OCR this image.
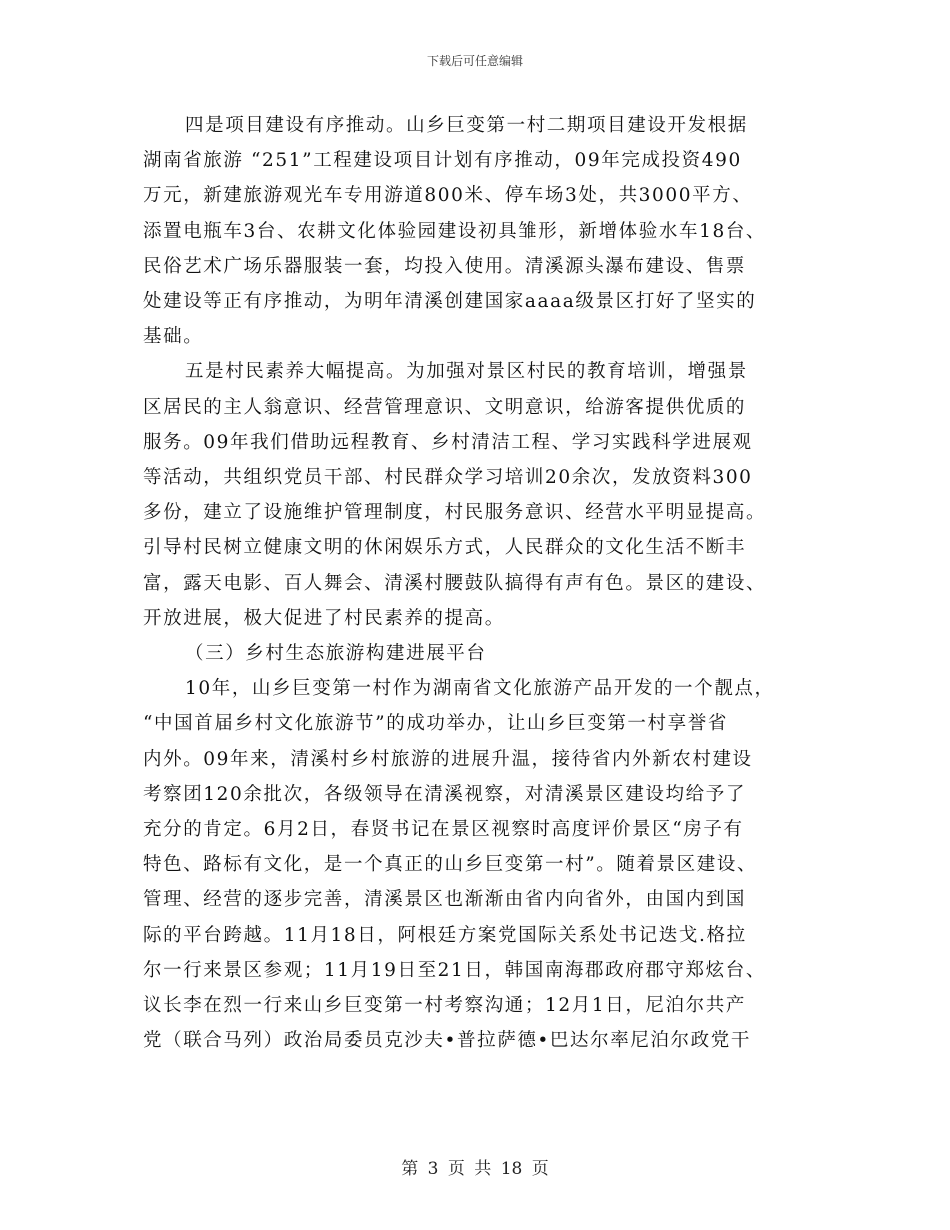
下载后可任意编辑

四是项目建设有序推动。山乡巨变第一村二期项目建设开发根据
湖南省旅游 “251”工程建设项目计划有序推动，09年完成投资490
万元，新建旅游观光车专用游道800米、停车场3处，共3000平方、
添置电瓶车3台、农耕文化体验园建设初具雏形，新增体验水车18台、
民俗艺术广场乐器服装一套，均投入使用。清溪源头瀑布建设、售票
处建设等正有序推动，为明年清溪创建国家aaaa级景区打好了坚实的
基础。

五是村民素养大幅提高。为加强对景区村民的教育培训，增强景
区居民的主人翁意识、经营管理意识、文明意识，给游客提供优质的
服务。09年我们借助远程教育、乡村清洁工程、学习实践科学进展观
等活动，共组织党员干部、村民群众学习培训20余次，发放资料300
多份，建立了设施维护管理制度，村民服务意识、经营水平明显提高。
引导村民树立健康文明的休闲娱乐方式，人民群众的文化生活不断丰
富，露天电影、百人舞会、清溪村腰鼓队搞得有声有色。景区的建设、
开放进展，极大促进了村民素养的提高。

（三）乡村生态旅游构建进展平台

10年，山乡巨变第一村作为湖南省文化旅游产品开发的一个靓点，
“中国首届乡村文化旅游节”的成功举办，让山乡巨变第一村享誉省
内外。09年来，清溪村乡村旅游的进展升温，接待省内外新农村建设
考察团120余批次，各级领导在清溪视察，对清溪景区建设均给予了
充分的肯定。6月2日，春贤书记在景区视察时高度评价景区“房子有
特色、路标有文化，是一个真正的山乡巨变第一村”。随着景区建设、
管理、经营的逐步完善，清溪景区也渐渐由省内向省外，由国内到国
际的平台跨越。11月18日，阿根廷方案党国际关系处书记迭戈.格拉
尔一行来景区参观；11月19日至21日，韩国南海郡政府郡守郑炫台、
议长李在烈一行来山乡巨变第一村考察沟通；12月1日，尼泊尔共产
党（联合马列）政治局委员克沙夫•普拉萨德•巴达尔率尼泊尔政党干

第 3 页 共 18 页
